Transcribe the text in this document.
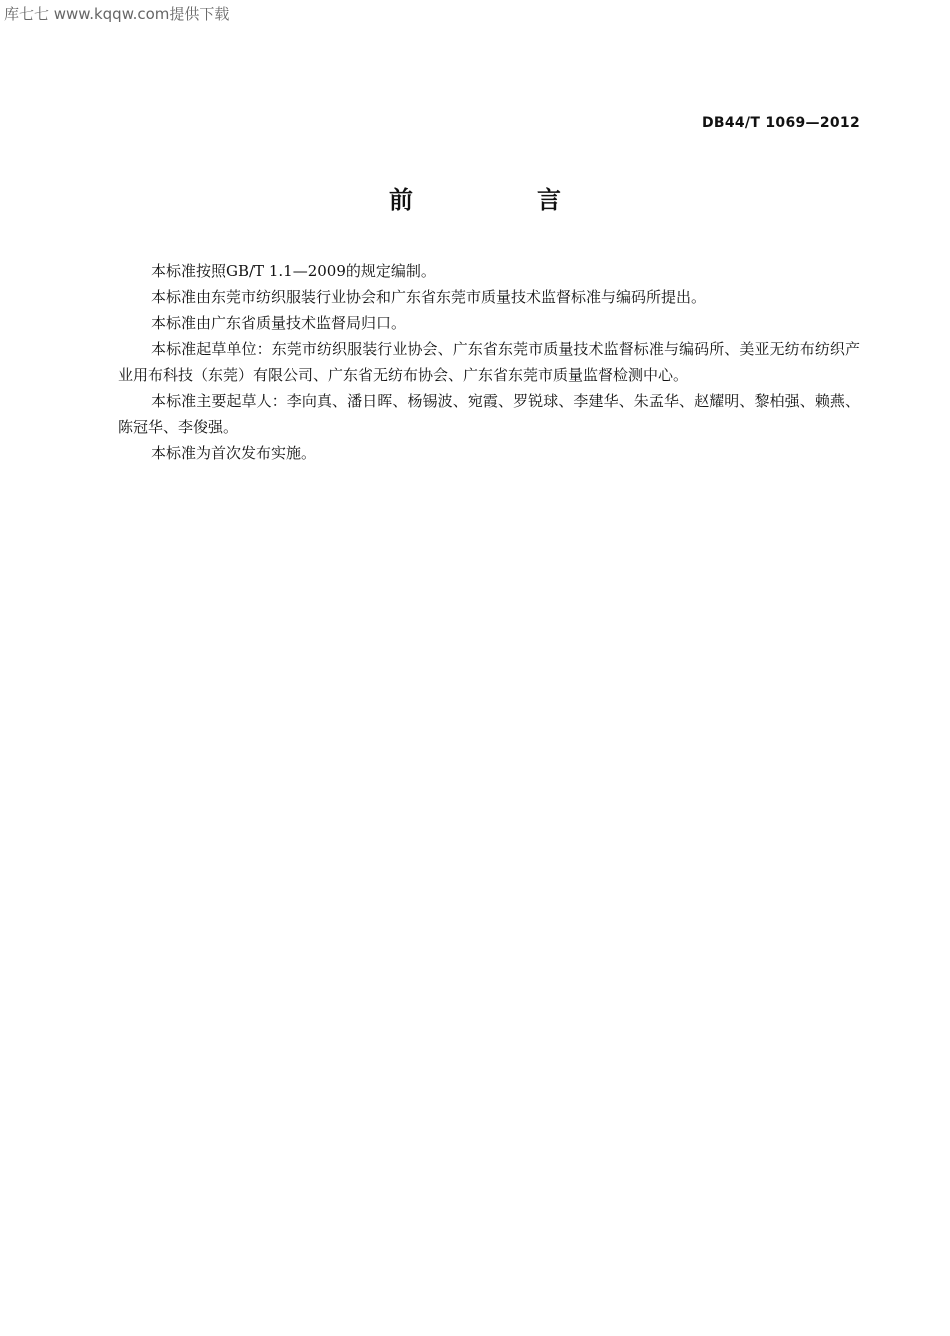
库七七 www.kqqw.com提供下载
DB44/T 1069—2012
前　言

本标准按照GB/T 1.1—2009的规定编制。

本标准由东莞市纺织服装行业协会和广东省东莞市质量技术监督标准与编码所提出。

本标准由广东省质量技术监督局归口。

本标准起草单位：东莞市纺织服装行业协会、广东省东莞市质量技术监督标准与编码所、美亚无纺布纺织产业用布科技（东莞）有限公司、广东省无纺布协会、广东省东莞市质量监督检测中心。

本标准主要起草人：李向真、潘日晖、杨锡波、宛霞、罗锐球、李建华、朱孟华、赵耀明、黎柏强、赖燕、陈冠华、李俊强。

本标准为首次发布实施。
